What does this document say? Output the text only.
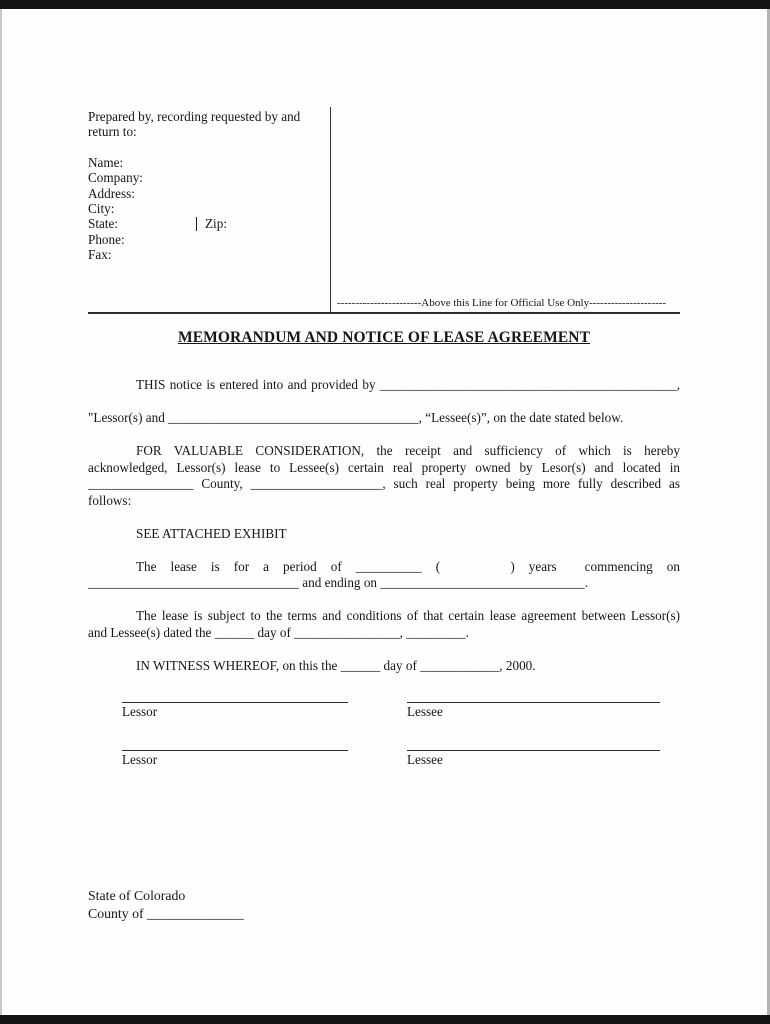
Prepared by, recording requested by and return to:
Name:
Company:
Address:
City:
State:	Zip:
Phone:
Fax:
-----------------------Above this Line for Official Use Only---------------------
MEMORANDUM AND NOTICE OF LEASE AGREEMENT

THIS notice is entered into and provided by _____________________________________________,

"Lessor(s) and ______________________________________, “Lessee(s)”, on the date stated below.

FOR VALUABLE CONSIDERATION, the receipt and sufficiency of which is hereby
acknowledged, Lessor(s) lease to Lessee(s) certain real property owned by Lesor(s) and located in
________________ County, ____________________, such real property being more fully described as
follows:

SEE ATTACHED EXHIBIT

The lease is for a period of __________ (     ) years  commencing on
________________________________ and ending on _______________________________.
The lease is subject to the terms and conditions of that certain lease agreement between Lessor(s)
and Lessee(s) dated the ______ day of ________________, _________.

IN WITNESS WHEREOF, on this the ______ day of ____________, 2000.

Lessor	Lessee
Lessor	Lessee
State of Colorado
County of ______________
